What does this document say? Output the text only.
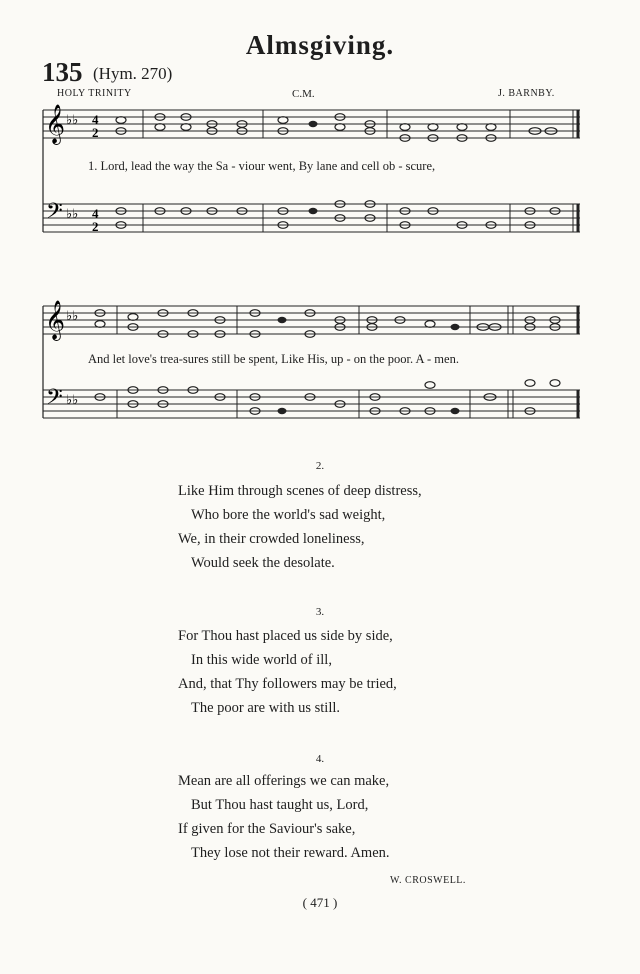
Almsgiving.
135 (Hym. 270)
HOLY TRINITY	C.M.	J. BARNBY.
𝄞
𝄢
♭♭
♭♭
4
2
4
2
𝄞
𝄢
♭♭
♭♭
1. Lord, lead the way the Sa - viour went, By lane and cell ob - scure,
And let love's trea-sures still be spent, Like His, up - on the poor. A - men.
2.
Like Him through scenes of deep distress,
Who bore the world's sad weight,
We, in their crowded loneliness,
Would seek the desolate.
3.
For Thou hast placed us side by side,
In this wide world of ill,
And, that Thy followers may be tried,
The poor are with us still.
4.
Mean are all offerings we can make,
But Thou hast taught us, Lord,
If given for the Saviour's sake,
They lose not their reward. Amen.
W. CROSWELL.
( 471 )
